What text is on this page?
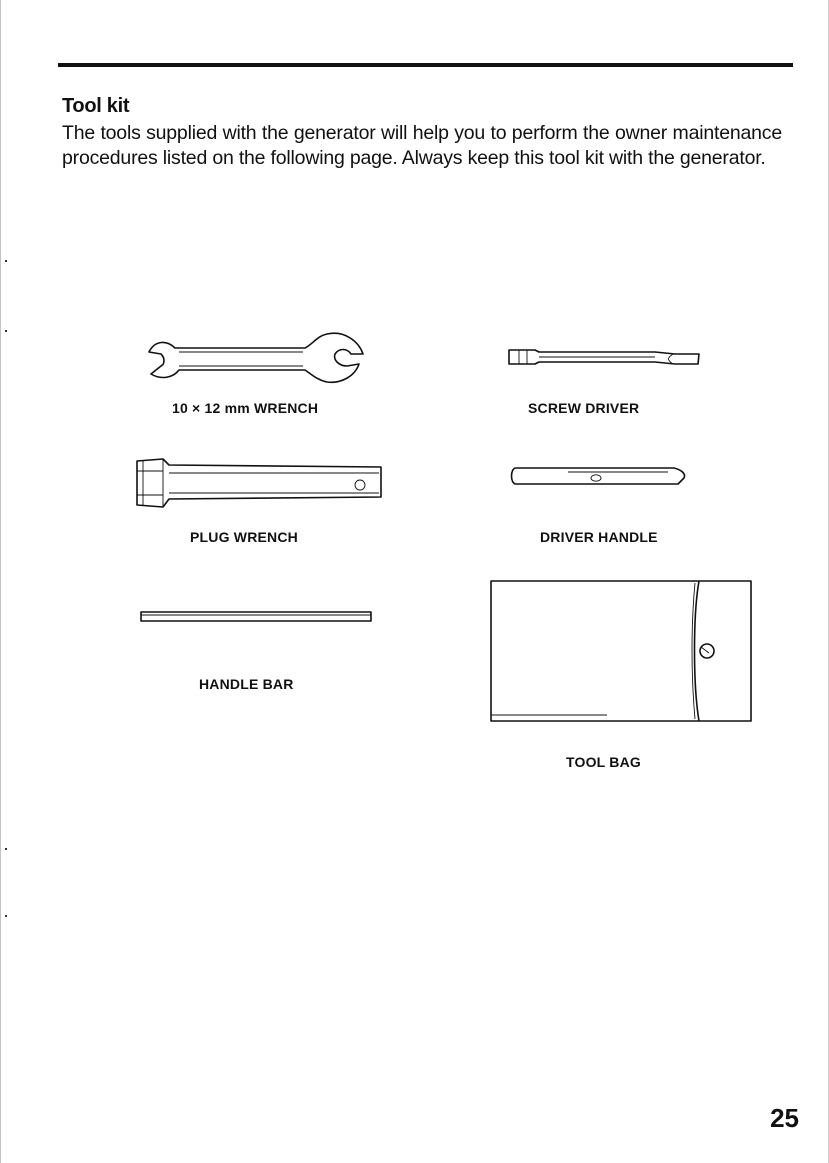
Tool kit
The tools supplied with the generator will help you to perform the owner maintenance procedures listed on the following page. Always keep this tool kit with the generator.
10 × 12 mm WRENCH	SCREW DRIVER
PLUG WRENCH	DRIVER HANDLE
HANDLE BAR
TOOL BAG
25
